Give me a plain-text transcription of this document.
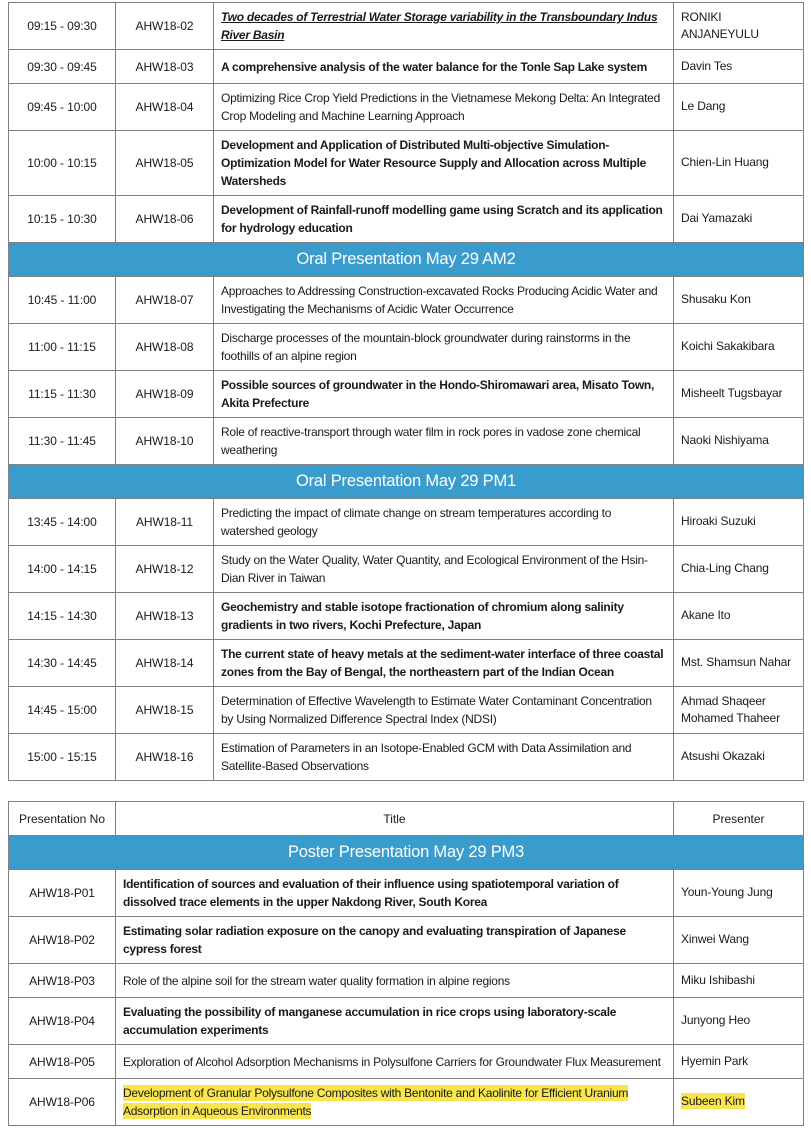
09:15 - 09:30	AHW18-02	Two decades of Terrestrial Water Storage variability in the Transboundary Indus River Basin	RONIKI ANJANEYULU
09:30 - 09:45	AHW18-03	A comprehensive analysis of the water balance for the Tonle Sap Lake system	Davin Tes
09:45 - 10:00	AHW18-04	Optimizing Rice Crop Yield Predictions in the Vietnamese Mekong Delta: An Integrated Crop Modeling and Machine Learning Approach	Le Dang
10:00 - 10:15	AHW18-05	Development and Application of Distributed Multi-objective Simulation-Optimization Model for Water Resource Supply and Allocation across Multiple Watersheds	Chien-Lin Huang
10:15 - 10:30	AHW18-06	Development of Rainfall-runoff modelling game using Scratch and its application for hydrology education	Dai Yamazaki
Oral Presentation May 29 AM2			
10:45 - 11:00	AHW18-07	Approaches to Addressing Construction-excavated Rocks Producing Acidic Water and Investigating the Mechanisms of Acidic Water Occurrence	Shusaku Kon
11:00 - 11:15	AHW18-08	Discharge processes of the mountain-block groundwater during rainstorms in the foothills of an alpine region	Koichi Sakakibara
11:15 - 11:30	AHW18-09	Possible sources of groundwater in the Hondo-Shiromawari area, Misato Town, Akita Prefecture	Misheelt Tugsbayar
11:30 - 11:45	AHW18-10	Role of reactive-transport through water film in rock pores in vadose zone chemical weathering	Naoki Nishiyama
Oral Presentation May 29 PM1			
13:45 - 14:00	AHW18-11	Predicting the impact of climate change on stream temperatures according to watershed geology	Hiroaki Suzuki
14:00 - 14:15	AHW18-12	Study on the Water Quality, Water Quantity, and Ecological Environment of the Hsin-Dian River in Taiwan	Chia-Ling Chang
14:15 - 14:30	AHW18-13	Geochemistry and stable isotope fractionation of chromium along salinity gradients in two rivers, Kochi Prefecture, Japan	Akane Ito
14:30 - 14:45	AHW18-14	The current state of heavy metals at the sediment-water interface of three coastal zones from the Bay of Bengal, the northeastern part of the Indian Ocean	Mst. Shamsun Nahar
14:45 - 15:00	AHW18-15	Determination of Effective Wavelength to Estimate Water Contaminant Concentration by Using Normalized Difference Spectral Index (NDSI)	Ahmad Shaqeer Mohamed Thaheer
15:00 - 15:15	AHW18-16	Estimation of Parameters in an Isotope-Enabled GCM with Data Assimilation and Satellite-Based Observations	Atsushi Okazaki
Presentation No	Title	Presenter
Poster Presentation May 29 PM3		
AHW18-P01	Identification of sources and evaluation of their influence using spatiotemporal variation of dissolved trace elements in the upper Nakdong River, South Korea	Youn-Young Jung
AHW18-P02	Estimating solar radiation exposure on the canopy and evaluating transpiration of Japanese cypress forest	Xinwei Wang
AHW18-P03	Role of the alpine soil for the stream water quality formation in alpine regions	Miku Ishibashi
AHW18-P04	Evaluating the possibility of manganese accumulation in rice crops using laboratory-scale accumulation experiments	Junyong Heo
AHW18-P05	Exploration of Alcohol Adsorption Mechanisms in Polysulfone Carriers for Groundwater Flux Measurement	Hyemin Park
AHW18-P06	Development of Granular Polysulfone Composites with Bentonite and Kaolinite for Efficient Uranium Adsorption in Aqueous Environments	Subeen Kim
